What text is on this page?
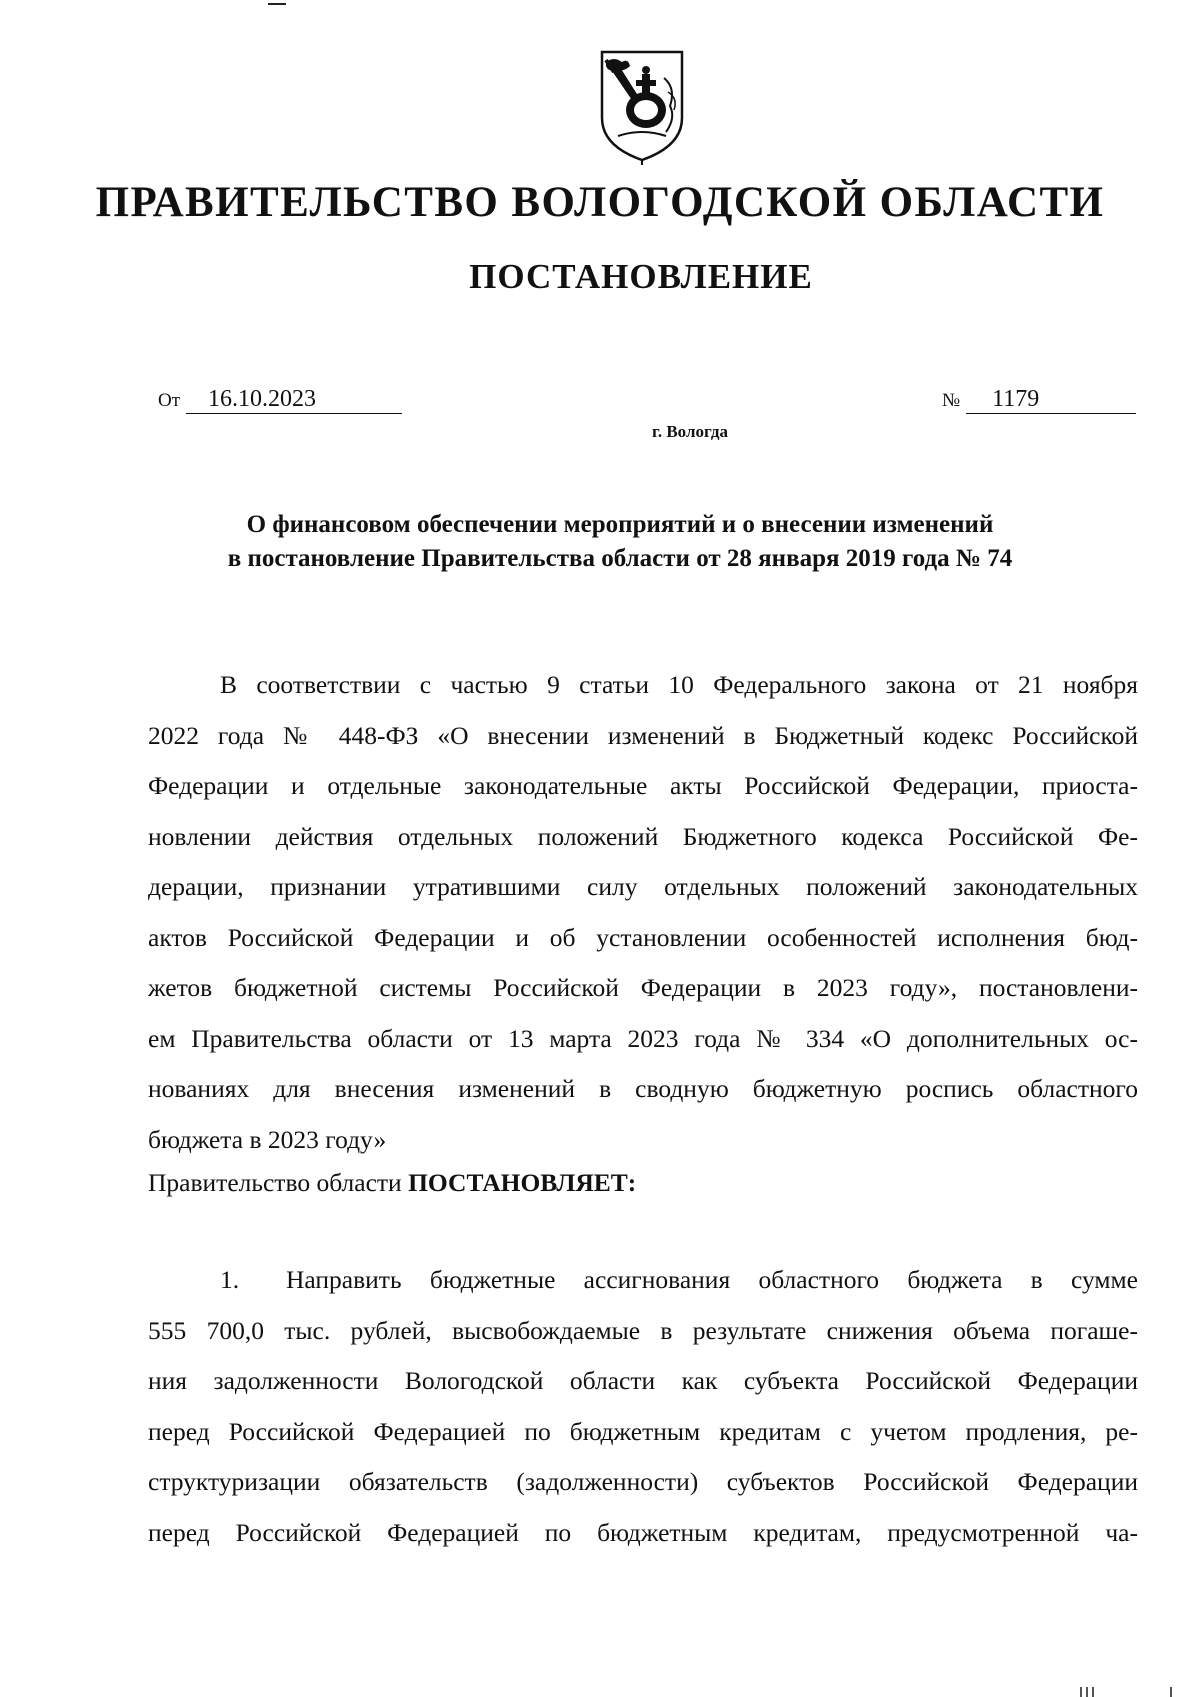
ПРАВИТЕЛЬСТВО ВОЛОГОДСКОЙ ОБЛАСТИ
ПОСТАНОВЛЕНИЕ
От 16.10.2023	№ 1179
г. Вологда
О финансовом обеспечении мероприятий и о внесении изменений
в постановление Правительства области от 28 января 2019 года № 74
В соответствии с частью 9 статьи 10 Федерального закона от 21 ноября
2022 года № 448-ФЗ «О внесении изменений в Бюджетный кодекс Российской
Федерации и отдельные законодательные акты Российской Федерации, приоста-
новлении действия отдельных положений Бюджетного кодекса Российской Фе-
дерации, признании утратившими силу отдельных положений законодательных
актов Российской Федерации и об установлении особенностей исполнения бюд-
жетов бюджетной системы Российской Федерации в 2023 году», постановлени-
ем Правительства области от 13 марта 2023 года № 334 «О дополнительных ос-
нованиях для внесения изменений в сводную бюджетную роспись областного
бюджета в 2023 году»
Правительство области ПОСТАНОВЛЯЕТ:
1. Направить бюджетные ассигнования областного бюджета в сумме
555 700,0 тыс. рублей, высвобождаемые в результате снижения объема погаше-
ния задолженности Вологодской области как субъекта Российской Федерации
перед Российской Федерацией по бюджетным кредитам с учетом продления, ре-
структуризации обязательств (задолженности) субъектов Российской Федерации
перед Российской Федерацией по бюджетным кредитам, предусмотренной ча-
